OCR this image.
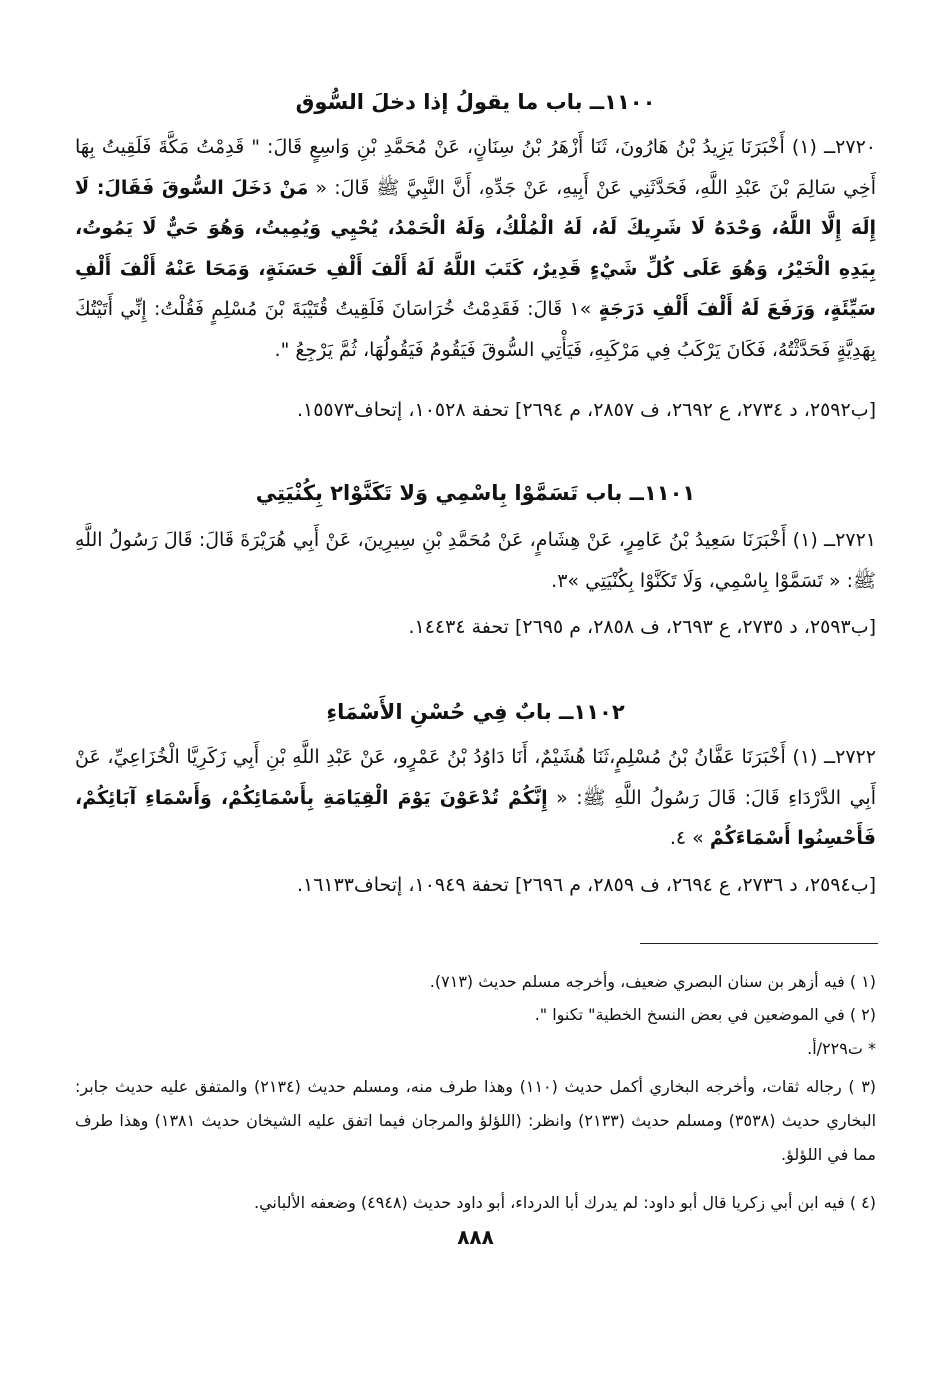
١١٠٠ــ باب ما يقولُ إذا دخلَ السُّوق
٢٧٢٠ــ (١) أَخْبَرَنَا يَزِيدُ بْنُ هَارُونَ، ثَنَا أَزْهَرُ بْنُ سِنَانٍ، عَنْ مُحَمَّدِ بْنِ وَاسِعٍ قَالَ: " قَدِمْتُ مَكَّةَ فَلَقِيتُ بِهَا أَخِي سَالِمَ بْنَ عَبْدِ اللَّهِ، فَحَدَّثَنِي عَنْ أَبِيهِ، عَنْ جَدِّهِ، أَنَّ النَّبِيَّ ﷺ قَالَ: « مَنْ دَخَلَ السُّوقَ فَقَالَ: لَا إِلَهَ إِلَّا اللَّهُ، وَحْدَهُ لَا شَرِيكَ لَهُ، لَهُ الْمُلْكُ، وَلَهُ الْحَمْدُ، يُحْيِي وَيُمِيتُ، وَهُوَ حَيٌّ لَا يَمُوتُ، بِيَدِهِ الْخَيْرُ، وَهُوَ عَلَى كُلِّ شَيْءٍ قَدِيرٌ، كَتَبَ اللَّهُ لَهُ أَلْفَ أَلْفِ حَسَنَةٍ، وَمَحَا عَنْهُ أَلْفَ أَلْفِ سَيِّئَةٍ، وَرَفَعَ لَهُ أَلْفَ أَلْفِ دَرَجَةٍ »١ قَالَ: فَقَدِمْتُ خُرَاسَانَ فَلَقِيتُ قُتَيْبَةَ بْنَ مُسْلِمٍ فَقُلْتُ: إِنِّي أَتَيْتُكَ بِهَدِيَّةٍ فَحَدَّثْتُهُ، فَكَانَ يَرْكَبُ فِي مَرْكَبِهِ، فَيَأْتِي السُّوقَ فَيَقُومُ فَيَقُولُهَا، ثُمَّ يَرْجِعُ ".
[ب٢٥٩٢، د ٢٧٣٤، ع ٢٦٩٢، ف ٢٨٥٧، م ٢٦٩٤] تحفة ١٠٥٢٨، إتحاف١٥٥٧٣.
١١٠١ــ باب تَسَمَّوْا بِاسْمِي وَلا تَكَنَّوْا٢ بِكُنْيَتِي
٢٧٢١ــ (١) أَخْبَرَنَا سَعِيدُ بْنُ عَامِرٍ، عَنْ هِشَامٍ، عَنْ مُحَمَّدِ بْنِ سِيرِينَ، عَنْ أَبِي هُرَيْرَةَ قَالَ: قَالَ رَسُولُ اللَّهِ ﷺ: « تَسَمَّوْا بِاسْمِي، وَلَا تَكَنَّوْا بِكُنْيَتِي »٣.
[ب٢٥٩٣، د ٢٧٣٥، ع ٢٦٩٣، ف ٢٨٥٨، م ٢٦٩٥] تحفة ١٤٤٣٤.
١١٠٢ــ بابٌ فِي حُسْنِ الأَسْمَاءِ
٢٧٢٢ــ (١) أَخْبَرَنَا عَفَّانُ بْنُ مُسْلِمٍ،ثَنَا هُشَيْمٌ، أَنَا دَاوُدُ بْنُ عَمْرٍو، عَنْ عَبْدِ اللَّهِ بْنِ أَبِي زَكَرِيَّا الْخُزَاعِيِّ، عَنْ أَبِي الدَّرْدَاءِ قَالَ: قَالَ رَسُولُ اللَّهِ ﷺ: « إِنَّكُمْ تُدْعَوْنَ يَوْمَ الْقِيَامَةِ بِأَسْمَائِكُمْ، وَأَسْمَاءِ آبَائِكُمْ، فَأَحْسِنُوا أَسْمَاءَكُمْ » ٤.
[ب٢٥٩٤، د ٢٧٣٦، ع ٢٦٩٤، ف ٢٨٥٩، م ٢٦٩٦] تحفة ١٠٩٤٩، إتحاف١٦١٣٣.
(١ ) فيه أزهر بن سنان البصري ضعيف، وأخرجه مسلم حديث (٧١٣).
(٢ ) في الموضعين في بعض النسخ الخطية" تكنوا ".
* ت٢٢٩/أ.
(٣ ) رجاله ثقات، وأخرجه البخاري أكمل حديث (١١٠) وهذا طرف منه، ومسلم حديث (٢١٣٤) والمتفق عليه حديث جابر: البخاري حديث (٣٥٣٨) ومسلم حديث (٢١٣٣) وانظر: (اللؤلؤ والمرجان فيما اتفق عليه الشيخان حديث ١٣٨١) وهذا طرف مما في اللؤلؤ.
(٤ ) فيه ابن أبي زكريا قال أبو داود: لم يدرك أبا الدرداء، أبو داود حديث (٤٩٤٨) وضعفه الألباني.
٨٨٨
